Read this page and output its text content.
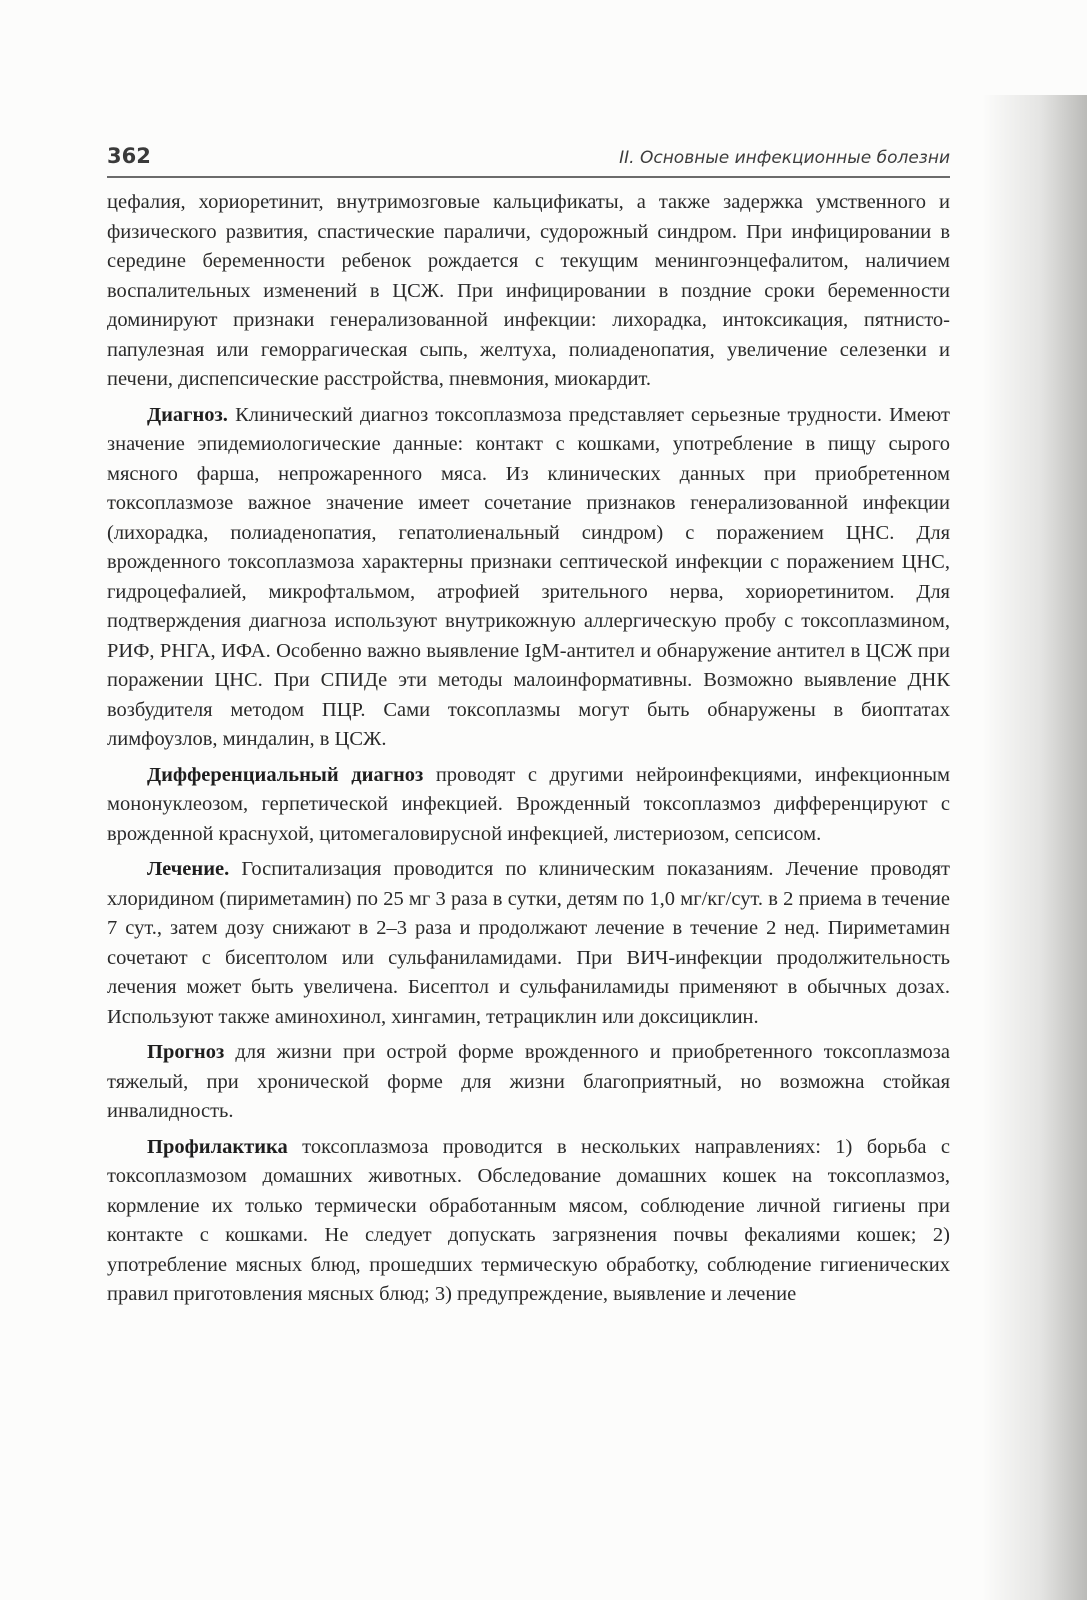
362	II. Основные инфекционные болезни

цефалия, хориоретинит, внутримозговые кальцификаты, а также задержка умственного и физического развития, спастические параличи, судорожный синдром. При инфицировании в середине беременности ребенок рождается с текущим менингоэнцефалитом, наличием воспалительных изменений в ЦСЖ. При инфицировании в поздние сроки беременности доминируют признаки генерализованной инфекции: лихорадка, интоксикация, пятнисто-папулезная или геморрагическая сыпь, желтуха, полиаденопатия, увеличение селезенки и печени, диспепсические расстройства, пневмония, миокардит.

Диагноз. Клинический диагноз токсоплазмоза представляет серьезные трудности. Имеют значение эпидемиологические данные: контакт с кошками, употребление в пищу сырого мясного фарша, непрожаренного мяса. Из клинических данных при приобретенном токсоплазмозе важное значение имеет сочетание признаков генерализованной инфекции (лихорадка, полиаденопатия, гепатолиенальный синдром) с поражением ЦНС. Для врожденного токсоплазмоза характерны признаки септической инфекции с поражением ЦНС, гидроцефалией, микрофтальмом, атрофией зрительного нерва, хориоретинитом. Для подтверждения диагноза используют внутрикожную аллергическую пробу с токсоплазмином, РИФ, РНГА, ИФА. Особенно важно выявление IgM-антител и обнаружение антител в ЦСЖ при поражении ЦНС. При СПИДе эти методы малоинформативны. Возможно выявление ДНК возбудителя методом ПЦР. Сами токсоплазмы могут быть обнаружены в биоптатах лимфоузлов, миндалин, в ЦСЖ.

Дифференциальный диагноз проводят с другими нейроинфекциями, инфекционным мононуклеозом, герпетической инфекцией. Врожденный токсоплазмоз дифференцируют с врожденной краснухой, цитомегаловирусной инфекцией, листериозом, сепсисом.

Лечение. Госпитализация проводится по клиническим показаниям. Лечение проводят хлоридином (пириметамин) по 25 мг 3 раза в сутки, детям по 1,0 мг/кг/сут. в 2 приема в течение 7 сут., затем дозу снижают в 2–3 раза и продолжают лечение в течение 2 нед. Пириметамин сочетают с бисептолом или сульфаниламидами. При ВИЧ-инфекции продолжительность лечения может быть увеличена. Бисептол и сульфаниламиды применяют в обычных дозах. Используют также аминохинол, хингамин, тетрациклин или доксициклин.

Прогноз для жизни при острой форме врожденного и приобретенного токсоплазмоза тяжелый, при хронической форме для жизни благоприятный, но возможна стойкая инвалидность.

Профилактика токсоплазмоза проводится в нескольких направлениях: 1) борьба с токсоплазмозом домашних животных. Обследование домашних кошек на токсоплазмоз, кормление их только термически обработанным мясом, соблюдение личной гигиены при контакте с кошками. Не следует допускать загрязнения почвы фекалиями кошек; 2) употребление мясных блюд, прошедших термическую обработку, соблюдение гигиенических правил приготовления мясных блюд; 3) предупреждение, выявление и лечение
